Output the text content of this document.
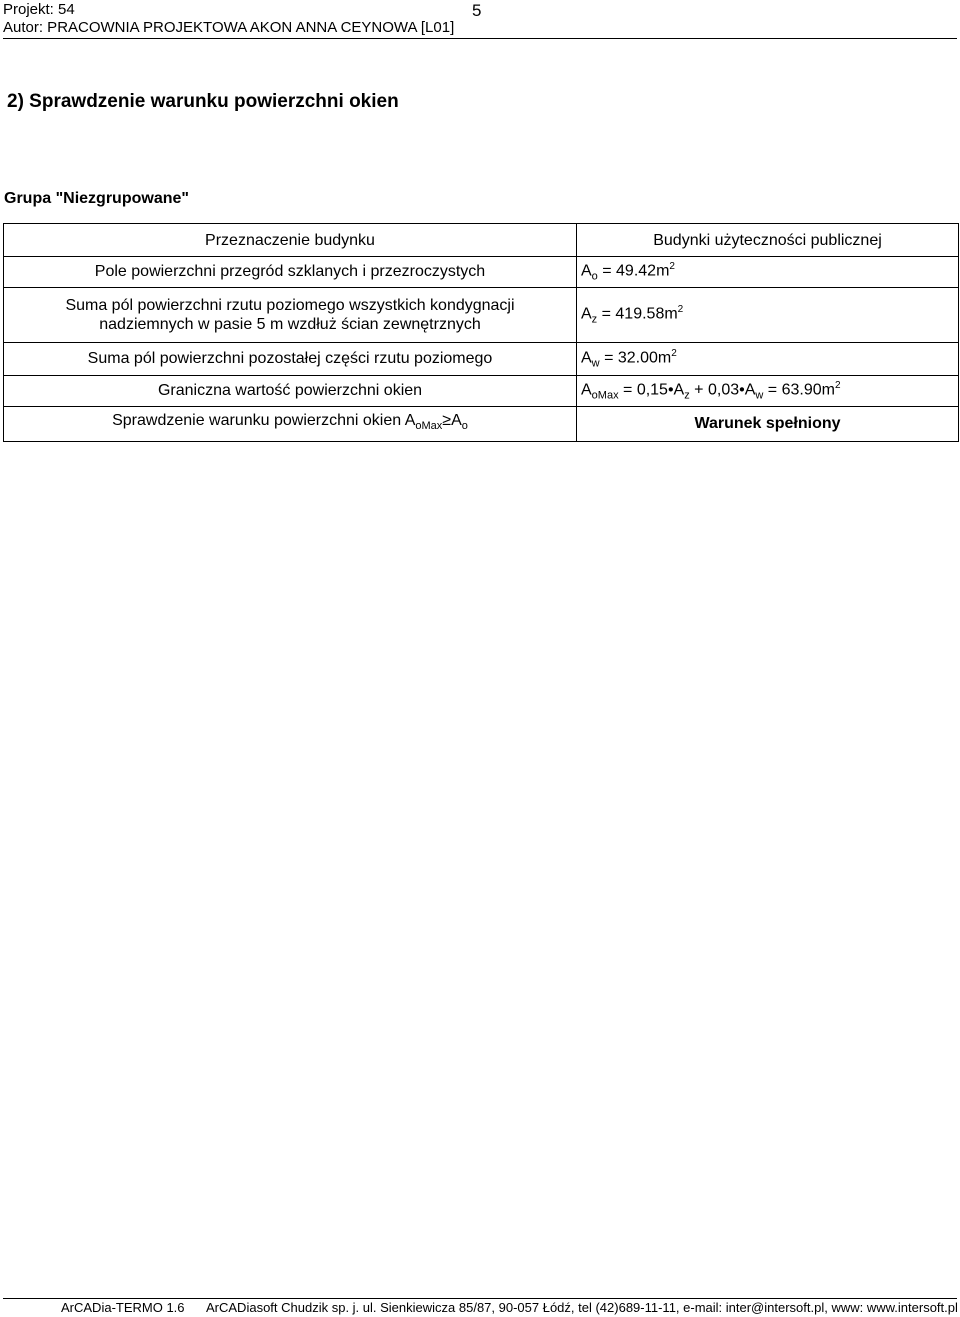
Projekt: 54	5
Autor: PRACOWNIA PROJEKTOWA AKON ANNA CEYNOWA [L01]
2) Sprawdzenie warunku powierzchni okien
Grupa "Niezgrupowane"
Przeznaczenie budynku	Budynki użyteczności publicznej
Pole powierzchni przegród szklanych i przezroczystych	$A_o = 49.42m^2$
Suma pól powierzchni rzutu poziomego wszystkich kondygnacji
nadziemnych w pasie 5 m wzdłuż ścian zewnętrznych	$A_z = 419.58m^2$
Suma pól powierzchni pozostałej części rzutu poziomego	$A_w = 32.00m^2$
Graniczna wartość powierzchni okien	$A_{oMax}$ = $0,15•A_z$ + $0,03•A_w = 63.90m^2$
Sprawdzenie warunku powierzchni okien $A_{oMax}\ge A_o$	Warunek spełniony
ArCADia-TERMO 1.6 ArCADiasoft Chudzik sp. j. ul. Sienkiewicza 85/87, 90-057 Łódź, tel (42)689-11-11, e-mail: inter@intersoft.pl, www: www.intersoft.pl
